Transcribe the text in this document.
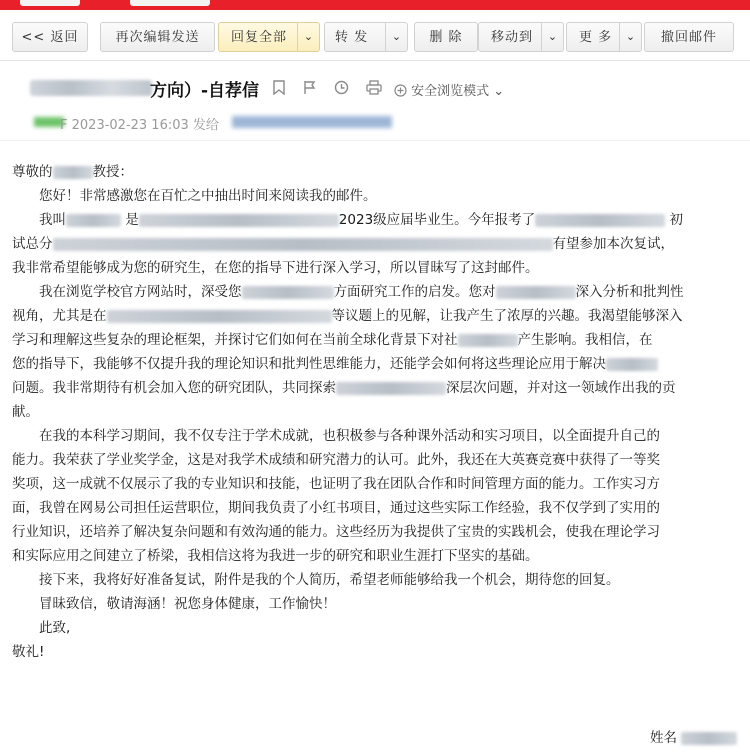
<< 返回	再次编辑发送	回复全部	⌄	转 发	⌄	删 除	移动到	⌄	更 多	⌄	撤回邮件
方向）-自荐信
	安全浏览模式 ⌄
F 2023-02-23 16:03 发给

尊敬的	教授：

您好！非常感激您在百忙之中抽出时间来阅读我的邮件。

我叫	是	2023级应届毕业生。今年报考了	初

试总分	有望参加本次复试，

我非常希望能够成为您的研究生，在您的指导下进行深入学习，所以冒昧写了这封邮件。

我在浏览学校官方网站时，深受您	方面研究工作的启发。您对	深入分析和批判性

视角，尤其是在	等议题上的见解，让我产生了浓厚的兴趣。我渴望能够深入

学习和理解这些复杂的理论框架，并探讨它们如何在当前全球化背景下对社	产生影响。我相信，在

您的指导下，我能够不仅提升我的理论知识和批判性思维能力，还能学会如何将这些理论应用于解决

问题。我非常期待有机会加入您的研究团队，共同探索	深层次问题，并对这一领域作出我的贡

献。

在我的本科学习期间，我不仅专注于学术成就，也积极参与各种课外活动和实习项目，以全面提升自己的

能力。我荣获了学业奖学金，这是对我学术成绩和研究潜力的认可。此外，我还在大英赛竞赛中获得了一等奖

奖项，这一成就不仅展示了我的专业知识和技能，也证明了我在团队合作和时间管理方面的能力。工作实习方

面，我曾在网易公司担任运营职位，期间我负责了小红书项目，通过这些实际工作经验，我不仅学到了实用的

行业知识，还培养了解决复杂问题和有效沟通的能力。这些经历为我提供了宝贵的实践机会，使我在理论学习

和实际应用之间建立了桥梁，我相信这将为我进一步的研究和职业生涯打下坚实的基础。

接下来，我将好好准备复试，附件是我的个人简历，希望老师能够给我一个机会，期待您的回复。

冒昧致信，敬请海涵！祝您身体健康，工作愉快！

此致,

敬礼!

姓名
